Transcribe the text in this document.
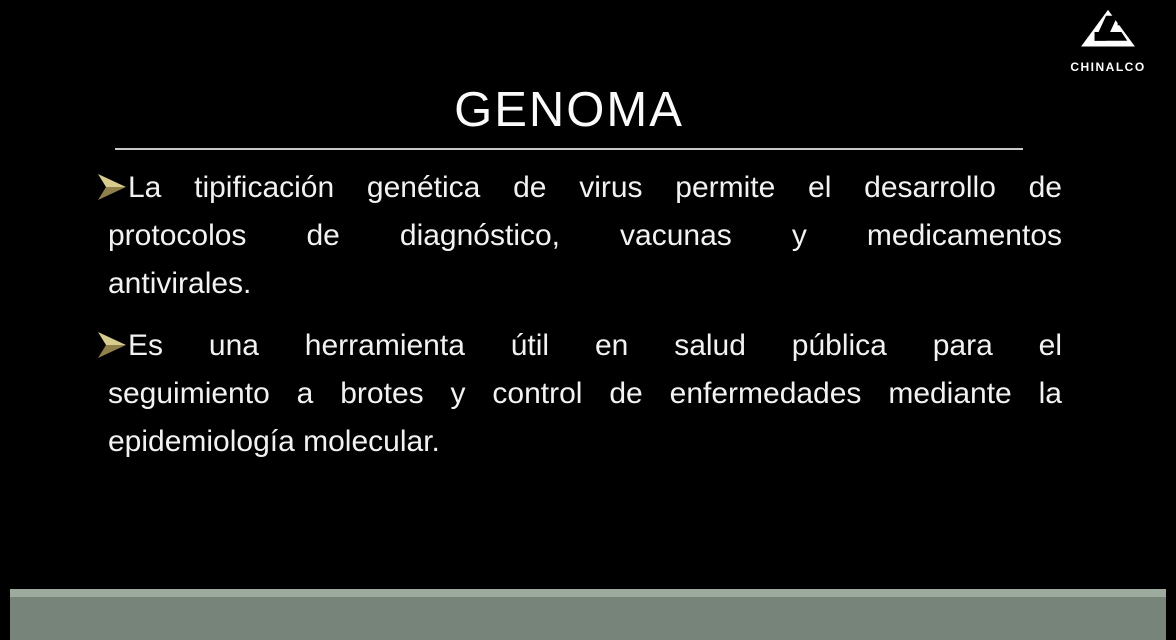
CHINALCO
GENOMA
La tipificación genética de virus permite el desarrollo de
protocolos de diagnóstico, vacunas y medicamentos
antivirales.
Es una herramienta útil en salud pública para el
seguimiento a brotes y control de enfermedades mediante la
epidemiología molecular.
